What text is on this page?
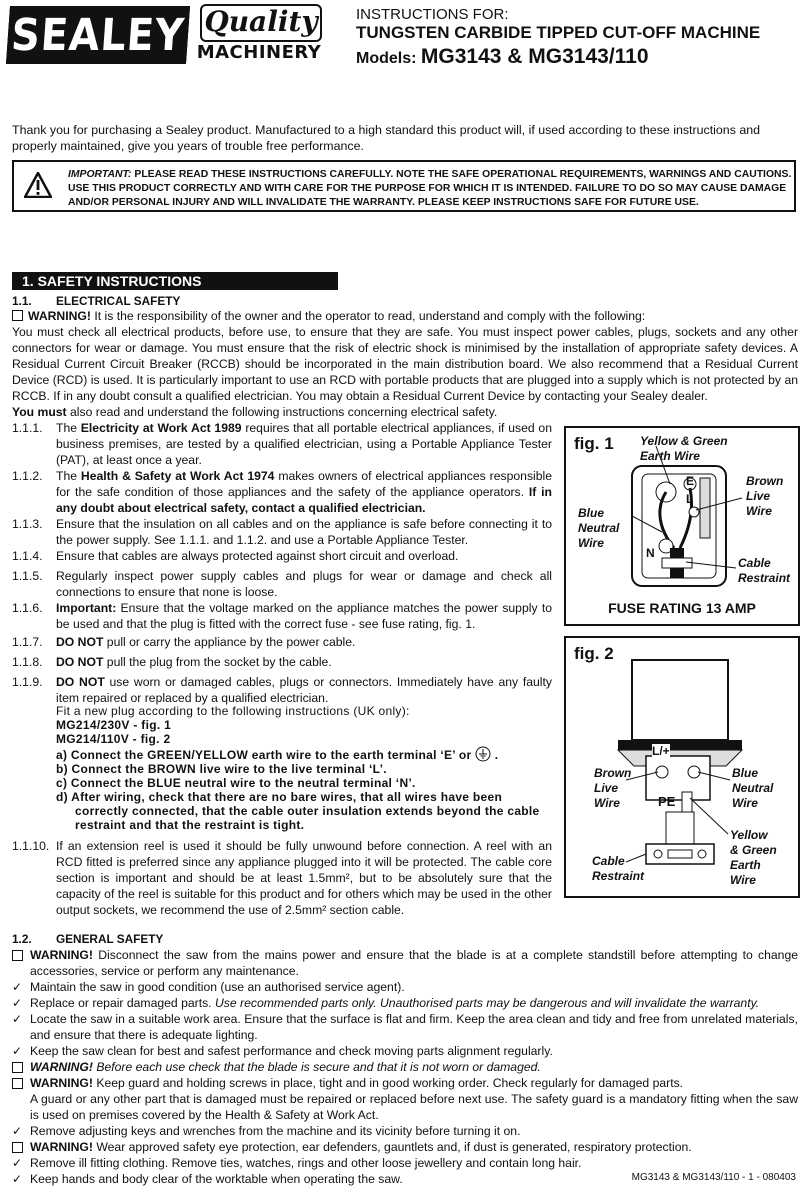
SEALEY Quality
MACHINERY
INSTRUCTIONS FOR:
TUNGSTEN CARBIDE TIPPED CUT-OFF MACHINE
Models: MG3143 & MG3143/110
Thank you for purchasing a Sealey product. Manufactured to a high standard this product will, if used according to these instructions and properly maintained, give you years of trouble free performance.
IMPORTANT: PLEASE READ THESE INSTRUCTIONS CAREFULLY. NOTE THE SAFE OPERATIONAL REQUIREMENTS, WARNINGS AND CAUTIONS. USE THIS PRODUCT CORRECTLY AND WITH CARE FOR THE PURPOSE FOR WHICH IT IS INTENDED. FAILURE TO DO SO MAY CAUSE DAMAGE AND/OR PERSONAL INJURY AND WILL INVALIDATE THE WARRANTY. PLEASE KEEP INSTRUCTIONS SAFE FOR FUTURE USE.
1. SAFETY INSTRUCTIONS
1.1. ELECTRICAL SAFETY
WARNING! It is the responsibility of the owner and the operator to read, understand and comply with the following:
You must check all electrical products, before use, to ensure that they are safe. You must inspect power cables, plugs, sockets and any other connectors for wear or damage. You must ensure that the risk of electric shock is minimised by the installation of appropriate safety devices. A Residual Current Circuit Breaker (RCCB) should be incorporated in the main distribution board. We also recommend that a Residual Current Device (RCD) is used. It is particularly important to use an RCD with portable products that are plugged into a supply which is not protected by an RCCB. If in any doubt consult a qualified electrician. You may obtain a Residual Current Device by contacting your Sealey dealer.
You must also read and understand the following instructions concerning electrical safety.
1.1.1. The Electricity at Work Act 1989 requires that all portable electrical appliances, if used on business premises, are tested by a qualified electrician, using a Portable Appliance Tester (PAT), at least once a year.
1.1.2. The Health & Safety at Work Act 1974 makes owners of electrical appliances responsible for the safe condition of those appliances and the safety of the appliance operators. If in any doubt about electrical safety, contact a qualified electrician.
1.1.3. Ensure that the insulation on all cables and on the appliance is safe before connecting it to the power supply. See 1.1.1. and 1.1.2. and use a Portable Appliance Tester.
1.1.4. Ensure that cables are always protected against short circuit and overload.
1.1.5. Regularly inspect power supply cables and plugs for wear or damage and check all connections to ensure that none is loose.
1.1.6. Important: Ensure that the voltage marked on the appliance matches the power supply to be used and that the plug is fitted with the correct fuse - see fuse rating, fig. 1.
1.1.7. DO NOT pull or carry the appliance by the power cable.
1.1.8. DO NOT pull the plug from the socket by the cable.
1.1.9. DO NOT use worn or damaged cables, plugs or connectors. Immediately have any faulty item repaired or replaced by a qualified electrician.
Fit a new plug according to the following instructions (UK only):
MG214/230V - fig. 1
MG214/110V - fig. 2
a) Connect the GREEN/YELLOW earth wire to the earth terminal ‘E’ or .
b) Connect the BROWN live wire to the live terminal ‘L’.
c) Connect the BLUE neutral wire to the neutral terminal ‘N’.
d) After wiring, check that there are no bare wires, that all wires have been correctly connected, that the cable outer insulation extends beyond the cable restraint and that the restraint is tight.
1.1.10. If an extension reel is used it should be fully unwound before connection. A reel with an RCD fitted is preferred since any appliance plugged into it will be protected. The cable core section is important and should be at least 1.5mm², but to be absolutely sure that the capacity of the reel is suitable for this product and for others which may be used in the other output sockets, we recommend the use of 2.5mm² section cable.
fig. 1 Yellow & Green
Earth Wire
Brown
Live
Wire
Blue
Neutral
Wire
Cable
Restraint
E
L
N
FUSE RATING 13 AMP
fig. 2
L/+
PE
Brown
Live
Wire
Blue
Neutral
Wire
Yellow
& Green
Earth
Wire
Cable
Restraint
1.2. GENERAL SAFETY
WARNING! Disconnect the saw from the mains power and ensure that the blade is at a complete standstill before attempting to change accessories, service or perform any maintenance.
✓ Maintain the saw in good condition (use an authorised service agent).
✓ Replace or repair damaged parts. Use recommended parts only. Unauthorised parts may be dangerous and will invalidate the warranty.
✓ Locate the saw in a suitable work area. Ensure that the surface is flat and firm. Keep the area clean and tidy and free from unrelated materials, and ensure that there is adequate lighting.
✓ Keep the saw clean for best and safest performance and check moving parts alignment regularly.
WARNING! Before each use check that the blade is secure and that it is not worn or damaged.
WARNING! Keep guard and holding screws in place, tight and in good working order. Check regularly for damaged parts.
A guard or any other part that is damaged must be repaired or replaced before next use. The safety guard is a mandatory fitting when the saw is used on premises covered by the Health & Safety at Work Act.
✓ Remove adjusting keys and wrenches from the machine and its vicinity before turning it on.
WARNING! Wear approved safety eye protection, ear defenders, gauntlets and, if dust is generated, respiratory protection.
✓ Remove ill fitting clothing. Remove ties, watches, rings and other loose jewellery and contain long hair.
✓ Keep hands and body clear of the worktable when operating the saw.	MG3143 & MG3143/110 - 1 - 080403
